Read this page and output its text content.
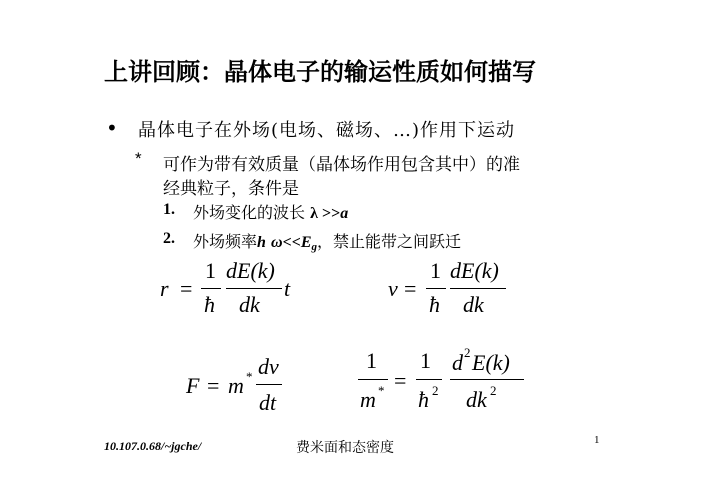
上讲回顾：晶体电子的输运性质如何描写
• 晶体电子在外场(电场、磁场、…)作用下运动
* 可作为带有效质量（晶体场作用包含其中）的准
经典粒子，条件是
1. 外场变化的波长 λ >>a
2. 外场频率h $\omega<<E_g$，禁止能带之间跃迁
r =
1
ħ
dE(k)
dk
t	v =
1
ħ
dE(k)
dk
F = m * dv
dt
1
m * =
1
ħ 2
d 2 E(k)
dk 2
10.107.0.68/~jgche/	费米面和态密度	1
